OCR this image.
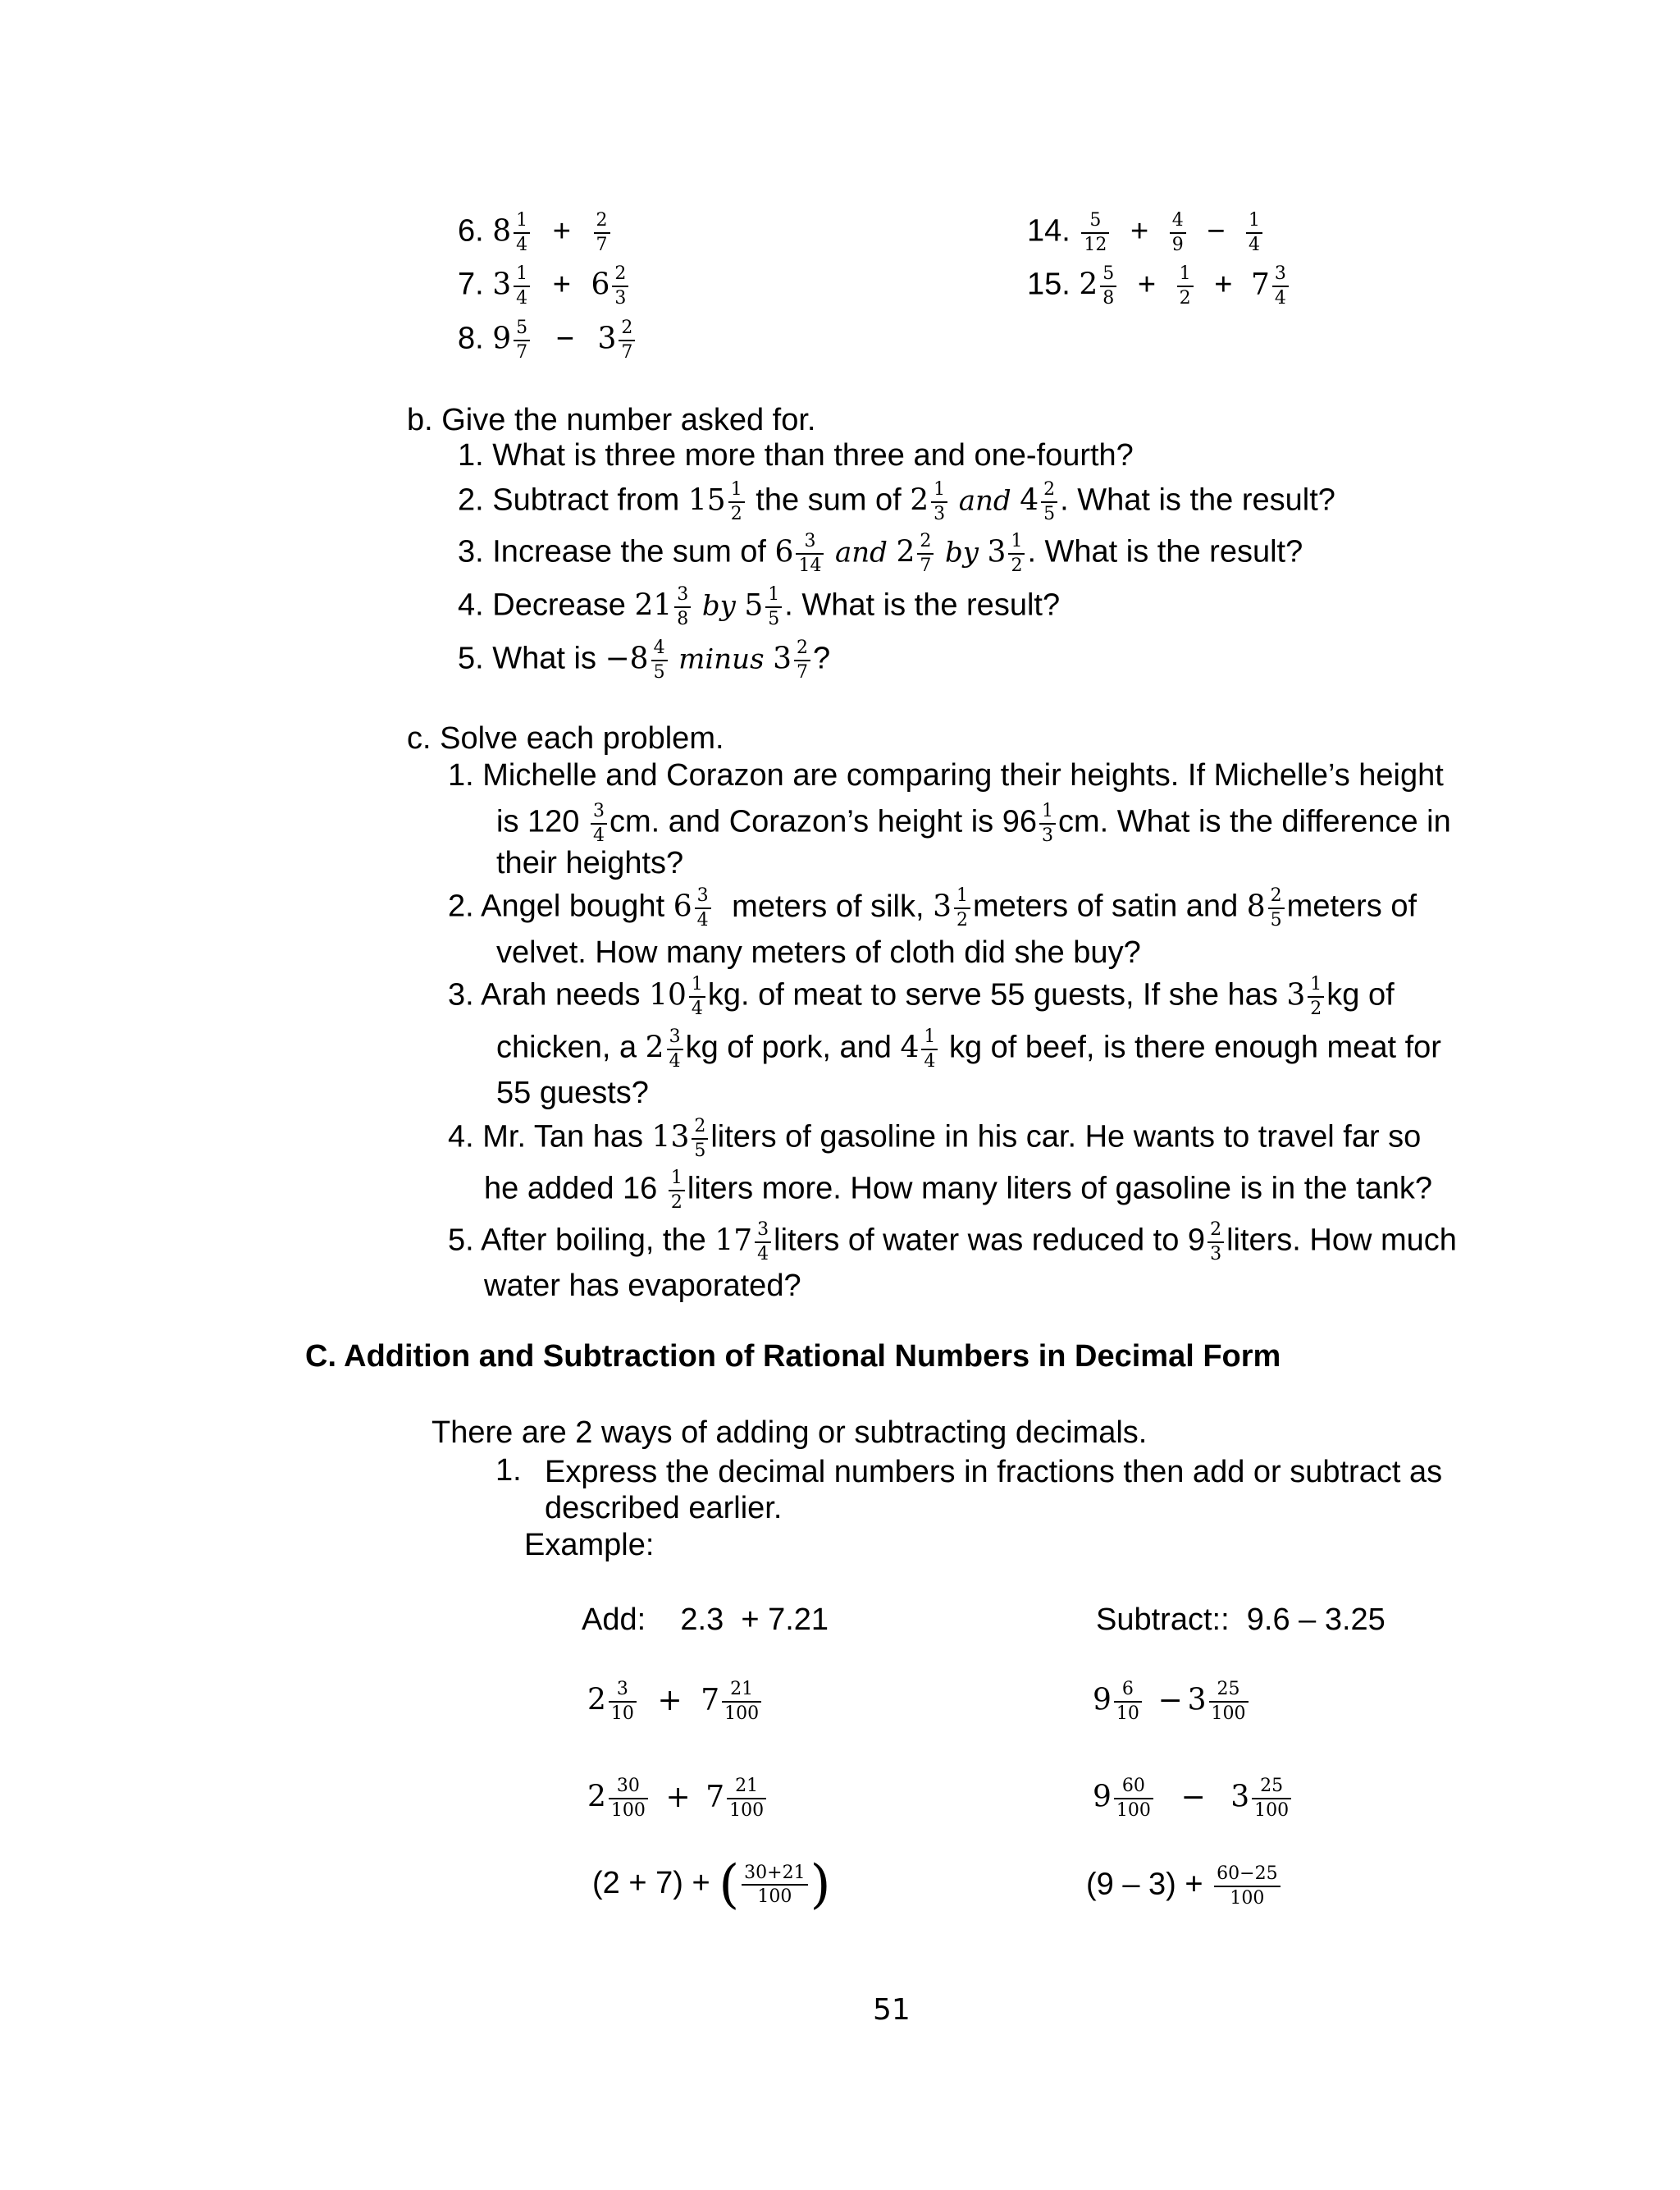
6. $8 \frac{1}{4} + \frac{2}{7}$
7. $3 \frac{1}{4} + 6 \frac{2}{3}$
8. $9 \frac{5}{7} - 3 \frac{2}{7}$
14. $\frac{5}{12} + \frac{4}{9} - \frac{1}{4}$
15. $2 \frac{5}{8} + \frac{1}{2} + 7 \frac{3}{4}$
b. Give the number asked for.
1. What is three more than three and one-fourth?
2. Subtract from $15 \frac{1}{2}$ the sum of $2 \frac{1}{3}$ and $4 \frac{2}{5}$ . What is the result?
3. Increase the sum of $6 \frac{3}{14}$ and $2 \frac{2}{7}$ by $3 \frac{1}{2}$ . What is the result?
4. Decrease $21 \frac{3}{8}$ by $5 \frac{1}{5}$ . What is the result?
5. What is $-8 \frac{4}{5}$ minus $3 \frac{2}{7}$ ?
c. Solve each problem.
1. Michelle and Corazon are comparing their heights. If Michelle’s height
is $120 \frac{3}{4}$ cm. and Corazon’s height is $96 \frac{1}{3}$ cm. What is the difference in
their heights?
2. Angel bought $6 \frac{3}{4}$ meters of silk, $3 \frac{1}{2}$ meters of satin and $8 \frac{2}{5}$ meters of
velvet. How many meters of cloth did she buy?
3. Arah needs $10 \frac{1}{4}$ kg. of meat to serve 55 guests, If she has $3 \frac{1}{2}$ kg of
chicken, a $2 \frac{3}{4}$ kg of pork, and $4 \frac{1}{4}$ kg of beef, is there enough meat for
55 guests?
4. Mr. Tan has $13 \frac{2}{5}$ liters of gasoline in his car. He wants to travel far so
he added $16 \frac{1}{2}$ liters more. How many liters of gasoline is in the tank?
5. After boiling, the $17 \frac{3}{4}$ liters of water was reduced to $9 \frac{2}{3}$ liters. How much
water has evaporated?
C. Addition and Subtraction of Rational Numbers in Decimal Form
There are 2 ways of adding or subtracting decimals.
1. Express the decimal numbers in fractions then add or subtract as
described earlier.
Example:
Add:    2.3  + 7.21	Subtract::  9.6 – 3.25
$2 \frac{3}{10} + 7 \frac{21}{100}$
$2 \frac{30}{100} + 7 \frac{21}{100}$
(2 + 7) + ( $\frac{30+21}{100}$ )
$9 \frac{6}{10} - 3 \frac{25}{100}$
$9 \frac{60}{100} - 3 \frac{25}{100}$
$(9 - 3) + \frac{60-25}{100}$
51
